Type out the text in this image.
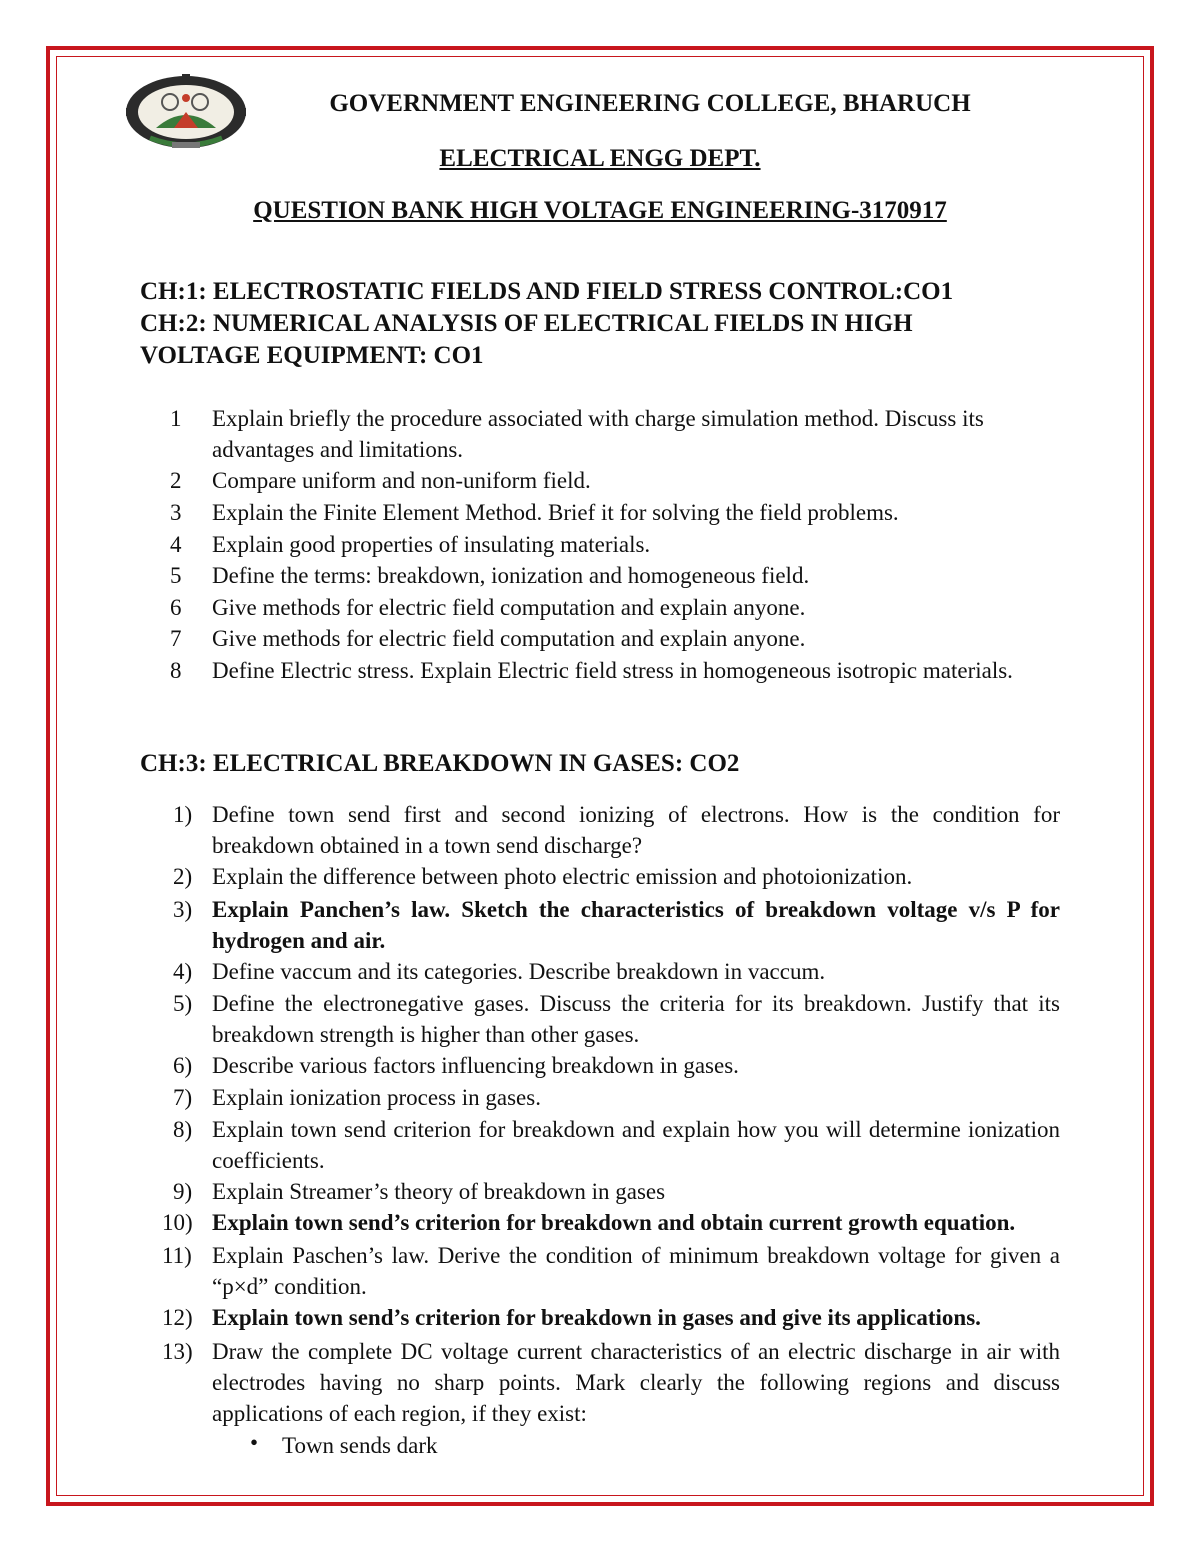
GOVERNMENT ENGINEERING COLLEGE, BHARUCH
ELECTRICAL ENGG DEPT.
QUESTION BANK HIGH VOLTAGE ENGINEERING-3170917
CH:1: ELECTROSTATIC FIELDS AND FIELD STRESS CONTROL:CO1
CH:2: NUMERICAL ANALYSIS OF ELECTRICAL FIELDS IN HIGH
VOLTAGE EQUIPMENT: CO1
1 Explain briefly the procedure associated with charge simulation method. Discuss its advantages and limitations.
2 Compare uniform and non-uniform field.
3 Explain the Finite Element Method. Brief it for solving the field problems.
4 Explain good properties of insulating materials.
5 Define the terms: breakdown, ionization and homogeneous field.
6 Give methods for electric field computation and explain anyone.
7 Give methods for electric field computation and explain anyone.
8 Define Electric stress. Explain Electric field stress in homogeneous isotropic materials.
CH:3: ELECTRICAL BREAKDOWN IN GASES: CO2
1) Define town send first and second ionizing of electrons. How is the condition for breakdown obtained in a town send discharge?
2) Explain the difference between photo electric emission and photoionization.
3) Explain Panchen’s law. Sketch the characteristics of breakdown voltage v/s P for hydrogen and air.
4) Define vaccum and its categories. Describe breakdown in vaccum.
5) Define the electronegative gases. Discuss the criteria for its breakdown. Justify that its breakdown strength is higher than other gases.
6) Describe various factors influencing breakdown in gases.
7) Explain ionization process in gases.
8) Explain town send criterion for breakdown and explain how you will determine ionization coefficients.
9) Explain Streamer’s theory of breakdown in gases
10) Explain town send’s criterion for breakdown and obtain current growth equation.
11) Explain Paschen’s law. Derive the condition of minimum breakdown voltage for given a “p×d” condition.
12) Explain town send’s criterion for breakdown in gases and give its applications.
13) Draw the complete DC voltage current characteristics of an electric discharge in air with electrodes having no sharp points. Mark clearly the following regions and discuss applications of each region, if they exist:
• Town sends dark
